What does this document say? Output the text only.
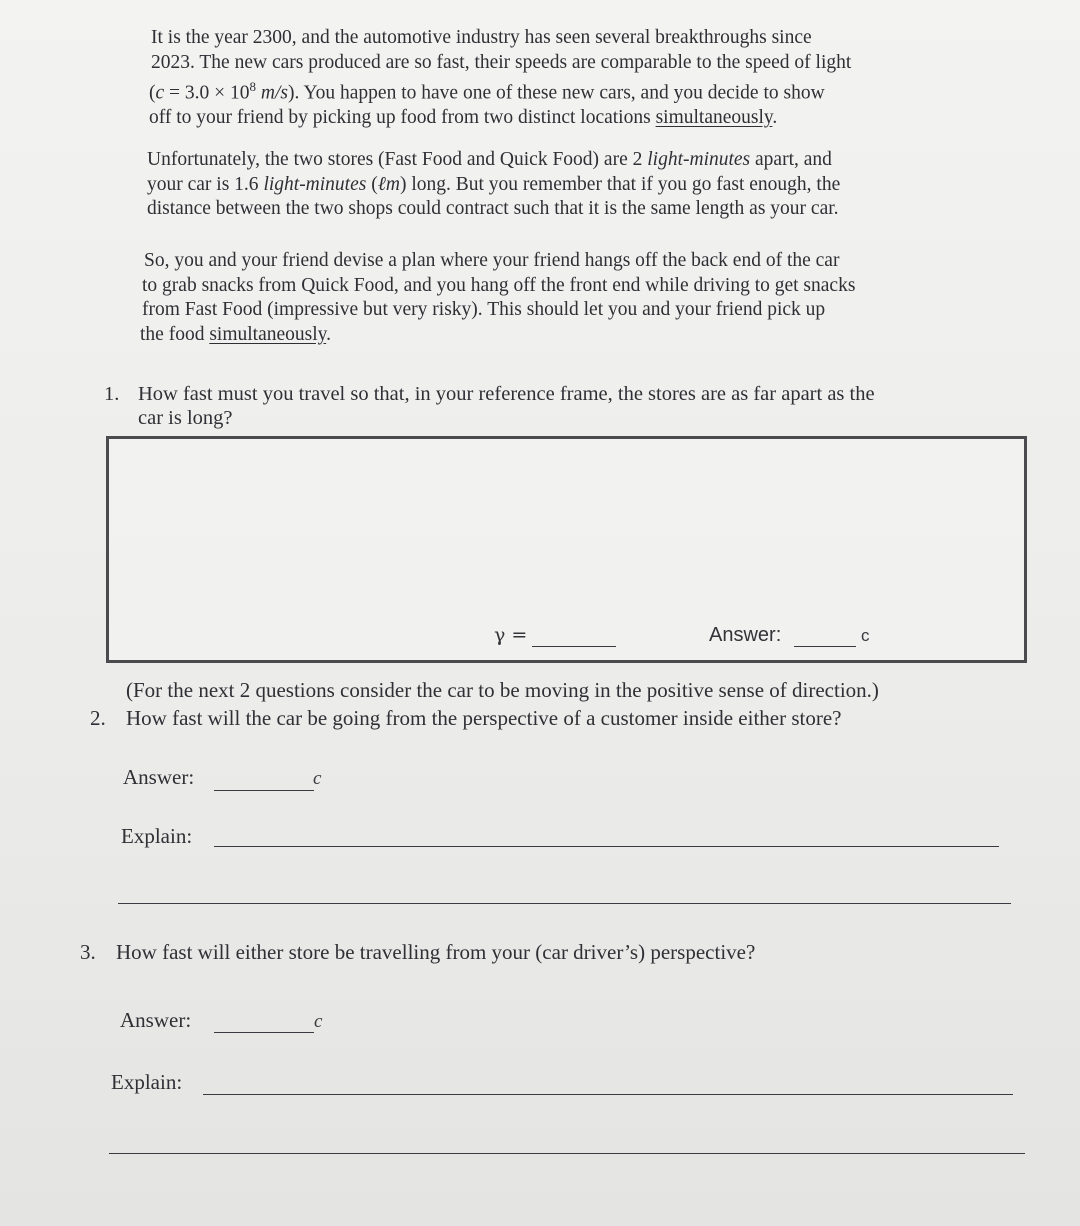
It is the year 2300, and the automotive industry has seen several breakthroughs since
2023. The new cars produced are so fast, their speeds are comparable to the speed of light
($c = 3.0 \times 10^8$ m/s). You happen to have one of these new cars, and you decide to show
off to your friend by picking up food from two distinct locations simultaneously.
Unfortunately, the two stores (Fast Food and Quick Food) are 2 light-minutes apart, and
your car is 1.6 light-minutes (ℓm) long. But you remember that if you go fast enough, the
distance between the two shops could contract such that it is the same length as your car.
So, you and your friend devise a plan where your friend hangs off the back end of the car
to grab snacks from Quick Food, and you hang off the front end while driving to get snacks
from Fast Food (impressive but very risky). This should let you and your friend pick up
the food simultaneously.
1. How fast must you travel so that, in your reference frame, the stores are as far apart as the
car is long?
γ =	Answer:	c
(For the next 2 questions consider the car to be moving in the positive sense of direction.)
2. How fast will the car be going from the perspective of a customer inside either store?
Answer:	c
Explain:
3. How fast will either store be travelling from your (car driver’s) perspective?
Answer:	c
Explain:
